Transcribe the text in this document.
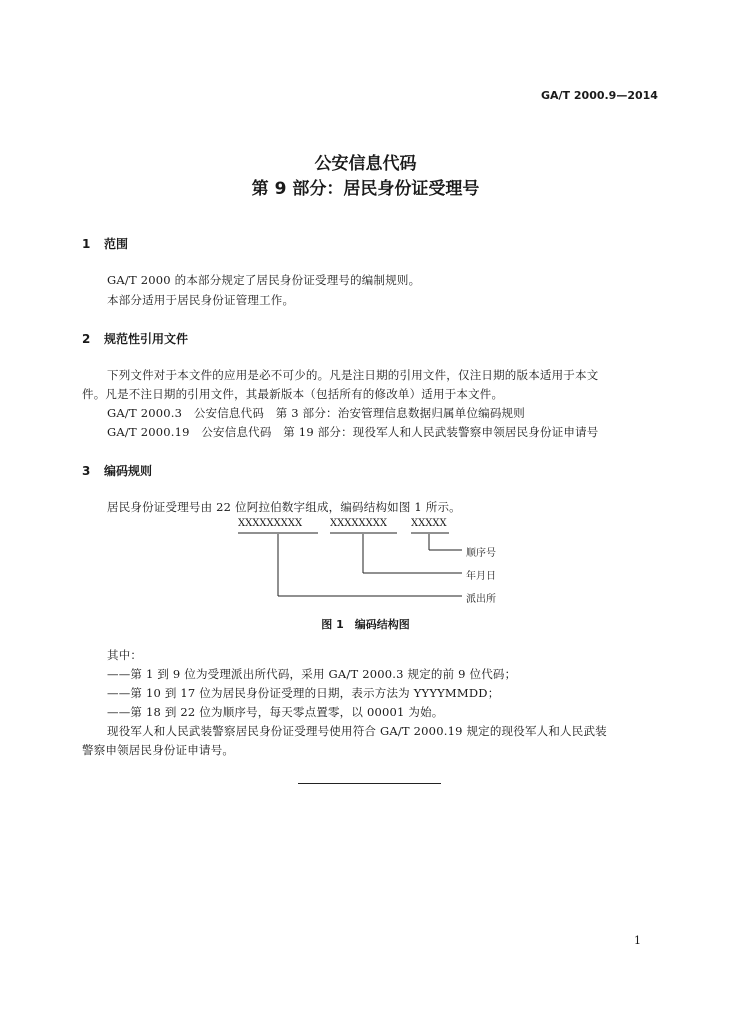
GA/T 2000.9—2014
公安信息代码
第 9 部分：居民身份证受理号
1 范围
GA/T 2000 的本部分规定了居民身份证受理号的编制规则。
本部分适用于居民身份证管理工作。
2 规范性引用文件
下列文件对于本文件的应用是必不可少的。凡是注日期的引用文件，仅注日期的版本适用于本文
件。凡是不注日期的引用文件，其最新版本（包括所有的修改单）适用于本文件。
GA/T 2000.3　公安信息代码　第 3 部分：治安管理信息数据归属单位编码规则
GA/T 2000.19　公安信息代码　第 19 部分：现役军人和人民武装警察申领居民身份证申请号
3 编码规则
居民身份证受理号由 22 位阿拉伯数字组成，编码结构如图 1 所示。
XXXXXXXXX	XXXXXXXX XXXXX
顺序号
年月日
派出所
图 1　编码结构图
其中：
——第 1 到 9 位为受理派出所代码，采用 GA/T 2000.3 规定的前 9 位代码；
——第 10 到 17 位为居民身份证受理的日期，表示方法为 YYYYMMDD；
——第 18 到 22 位为顺序号，每天零点置零，以 00001 为始。
现役军人和人民武装警察居民身份证受理号使用符合 GA/T 2000.19 规定的现役军人和人民武装
警察申领居民身份证申请号。
1
